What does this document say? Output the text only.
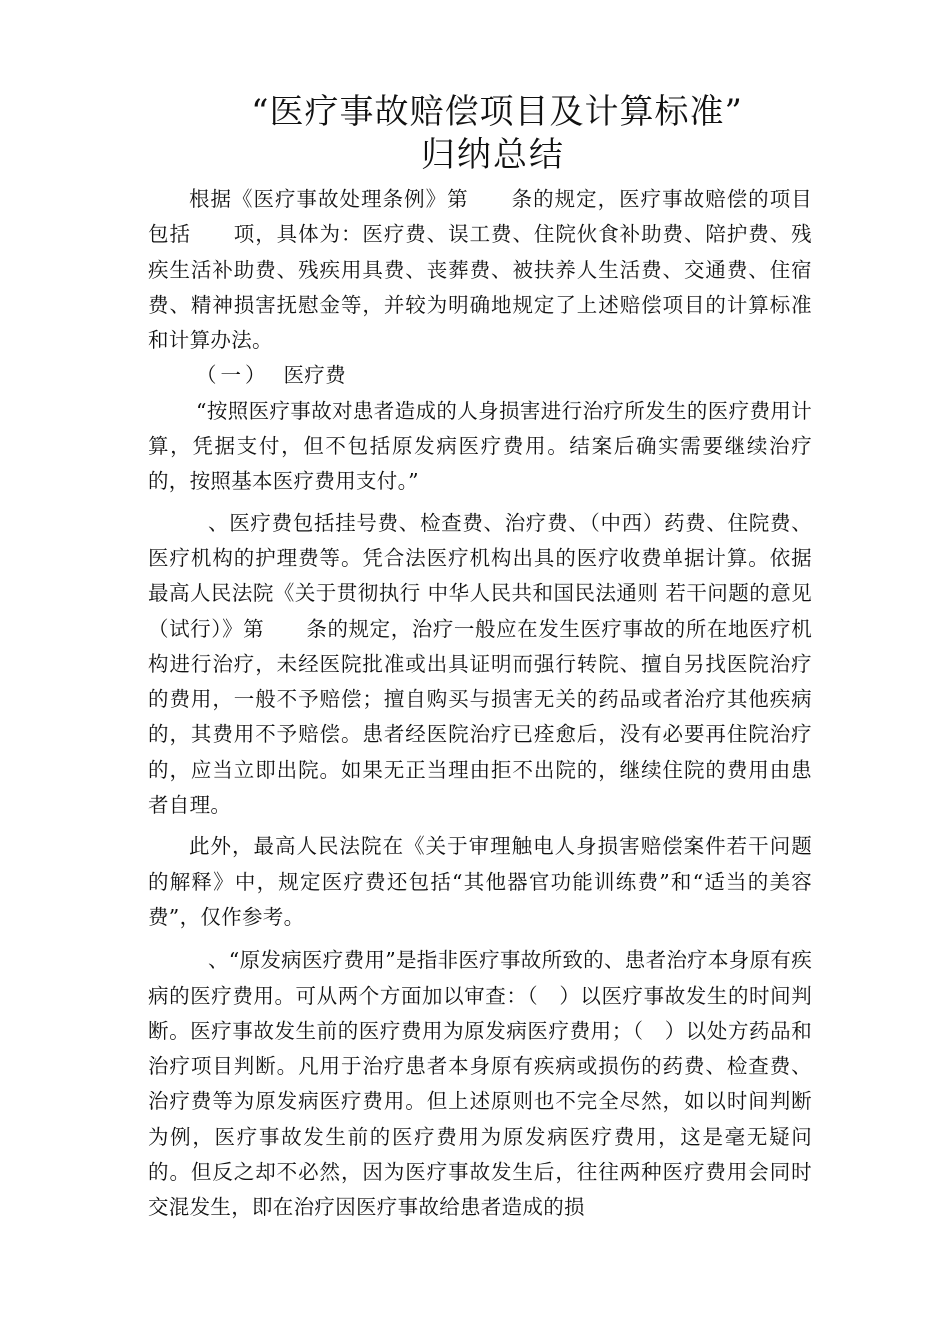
“医疗事故赔偿项目及计算标准”
归纳总结

根据《医疗事故处理条例》第　　条的规定，医疗事故赔偿的项目包括　　项，具体为：医疗费、误工费、住院伙食补助费、陪护费、残疾生活补助费、残疾用具费、丧葬费、被扶养人生活费、交通费、住宿费、精神损害抚慰金等，并较为明确地规定了上述赔偿项目的计算标准和计算办法。

（一） 医疗费

“按照医疗事故对患者造成的人身损害进行治疗所发生的医疗费用计算，凭据支付，但不包括原发病医疗费用。结案后确实需要继续治疗的，按照基本医疗费用支付。”

、医疗费包括挂号费、检查费、治疗费、（中西）药费、住院费、医疗机构的护理费等。凭合法医疗机构出具的医疗收费单据计算。依据最高人民法院《关于贯彻执行 中华人民共和国民法通则 若干问题的意见（试行）》第　　条的规定，治疗一般应在发生医疗事故的所在地医疗机构进行治疗，未经医院批准或出具证明而强行转院、擅自另找医院治疗的费用，一般不予赔偿；擅自购买与损害无关的药品或者治疗其他疾病的，其费用不予赔偿。患者经医院治疗已痊愈后，没有必要再住院治疗的，应当立即出院。如果无正当理由拒不出院的，继续住院的费用由患者自理。

此外，最高人民法院在《关于审理触电人身损害赔偿案件若干问题的解释》中，规定医疗费还包括“其他器官功能训练费”和“适当的美容费”，仅作参考。

、“原发病医疗费用”是指非医疗事故所致的、患者治疗本身原有疾病的医疗费用。可从两个方面加以审查：（　）以医疗事故发生的时间判断。医疗事故发生前的医疗费用为原发病医疗费用；（　）以处方药品和治疗项目判断。凡用于治疗患者本身原有疾病或损伤的药费、检查费、治疗费等为原发病医疗费用。但上述原则也不完全尽然，如以时间判断为例，医疗事故发生前的医疗费用为原发病医疗费用，这是毫无疑问的。但反之却不必然，因为医疗事故发生后，往往两种医疗费用会同时交混发生，即在治疗因医疗事故给患者造成的损
